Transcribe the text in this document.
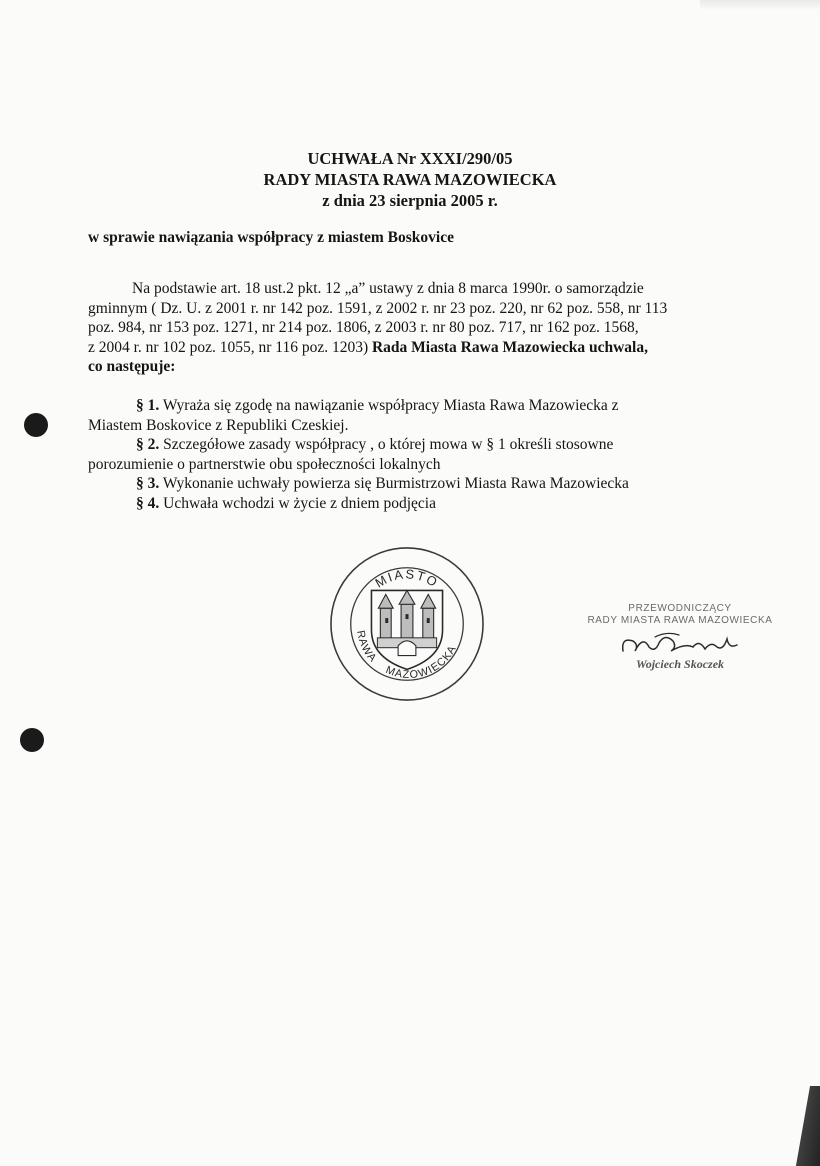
UCHWAŁA Nr XXXI/290/05
RADY MIASTA RAWA MAZOWIECKA
z dnia 23 sierpnia 2005 r.
w sprawie nawiązania współpracy z miastem Boskovice
Na podstawie art. 18 ust.2 pkt. 12 „a” ustawy z dnia 8 marca 1990r. o samorządzie
gminnym ( Dz. U. z 2001 r. nr 142 poz. 1591, z 2002 r. nr 23 poz. 220, nr 62 poz. 558, nr 113
poz. 984, nr 153 poz. 1271, nr 214 poz. 1806, z 2003 r. nr 80 poz. 717, nr 162 poz. 1568,
z 2004 r. nr 102 poz. 1055, nr 116 poz. 1203) Rada Miasta Rawa Mazowiecka uchwala,
co następuje:
§ 1. Wyraża się zgodę na nawiązanie współpracy Miasta Rawa Mazowiecka z
Miastem Boskovice z Republiki Czeskiej.
§ 2. Szczegółowe zasady współpracy , o której mowa w § 1 określi stosowne
porozumienie o partnerstwie obu społeczności lokalnych
§ 3. Wykonanie uchwały powierza się Burmistrzowi Miasta Rawa Mazowiecka
§ 4. Uchwała wchodzi w życie z dniem podjęcia
MIASTO
RAWAMAZOWIECKA
PRZEWODNICZĄCY
RADY MIASTA RAWA MAZOWIECKA
Wojciech Skoczek
